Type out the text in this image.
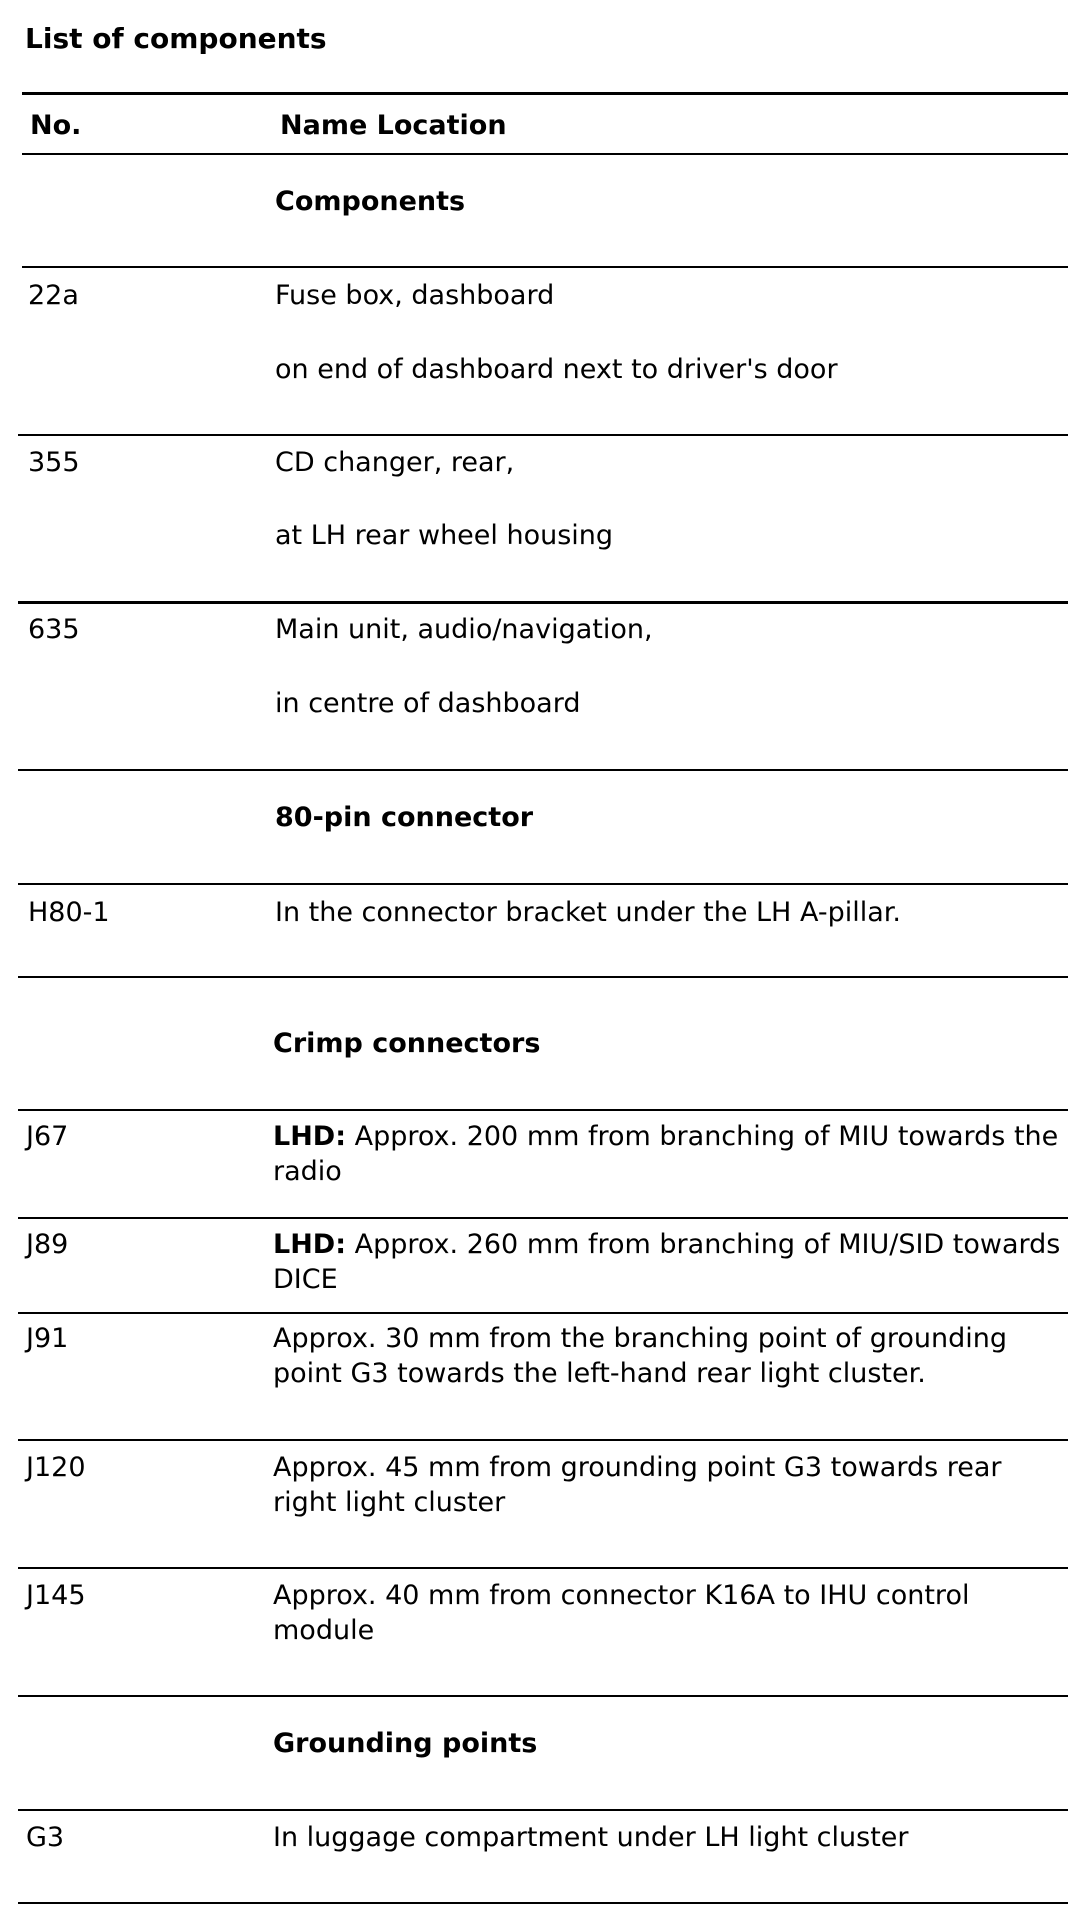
List of components
No.	Name Location
Components
22a	Fuse box, dashboard
on end of dashboard next to driver's door
355	CD changer, rear,
at LH rear wheel housing
635	Main unit, audio/navigation,
in centre of dashboard
80-pin connector
H80-1	In the connector bracket under the LH A-pillar.
Crimp connectors
J67	LHD: Approx. 200 mm from branching of MIU towards the radio
J89	LHD: Approx. 260 mm from branching of MIU/SID towards DICE
J91	Approx. 30 mm from the branching point of grounding point G3 towards the left-hand rear light cluster.
J120	Approx. 45 mm from grounding point G3 towards rear right light cluster
J145	Approx. 40 mm from connector K16A to IHU control module
Grounding points
G3	In luggage compartment under LH light cluster
